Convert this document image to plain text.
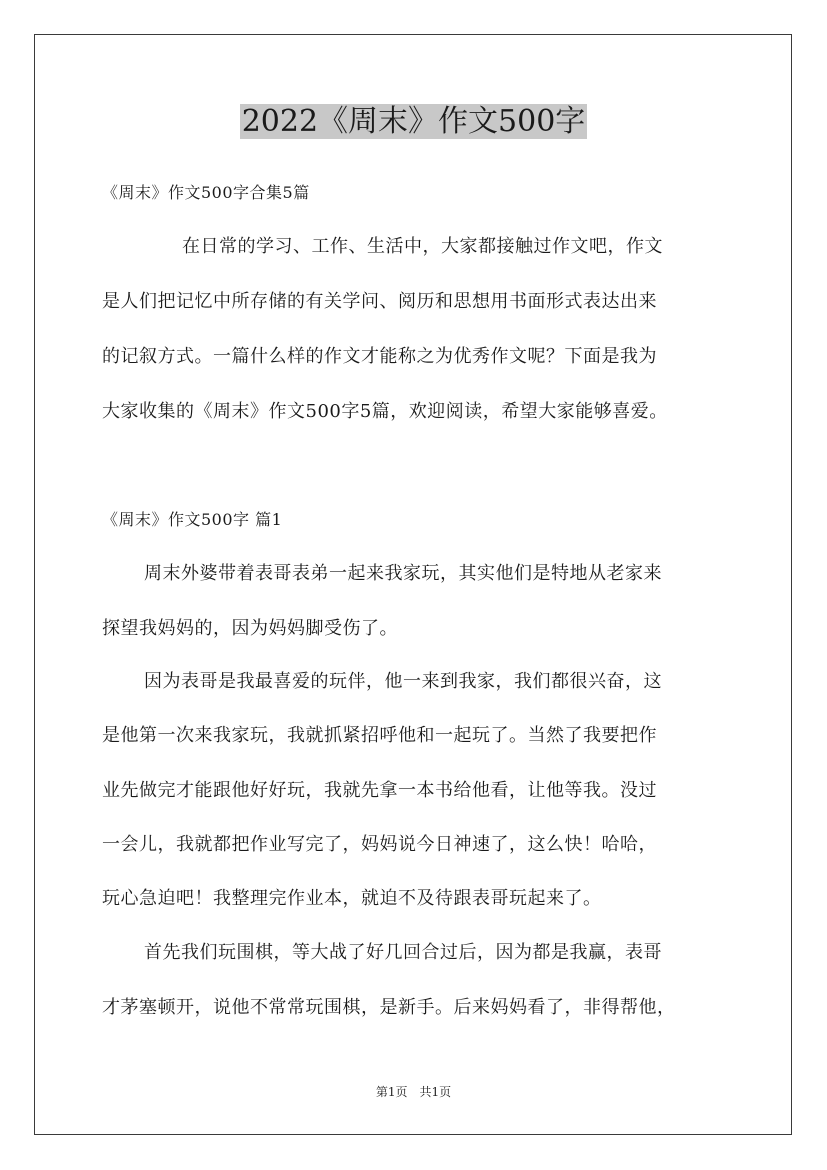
2022《周末》作文500字

《周末》作文500字合集5篇

在日常的学习、工作、生活中，大家都接触过作文吧，作文

是人们把记忆中所存储的有关学问、阅历和思想用书面形式表达出来

的记叙方式。一篇什么样的作文才能称之为优秀作文呢？下面是我为

大家收集的《周末》作文500字5篇，欢迎阅读，希望大家能够喜爱。

《周末》作文500字 篇1

周末外婆带着表哥表弟一起来我家玩，其实他们是特地从老家来

探望我妈妈的，因为妈妈脚受伤了。

因为表哥是我最喜爱的玩伴，他一来到我家，我们都很兴奋，这

是他第一次来我家玩，我就抓紧招呼他和一起玩了。当然了我要把作

业先做完才能跟他好好玩，我就先拿一本书给他看，让他等我。没过

一会儿，我就都把作业写完了，妈妈说今日神速了，这么快！哈哈，

玩心急迫吧！我整理完作业本，就迫不及待跟表哥玩起来了。

首先我们玩围棋，等大战了好几回合过后，因为都是我赢，表哥

才茅塞顿开，说他不常常玩围棋，是新手。后来妈妈看了，非得帮他，

第1页　共1页
